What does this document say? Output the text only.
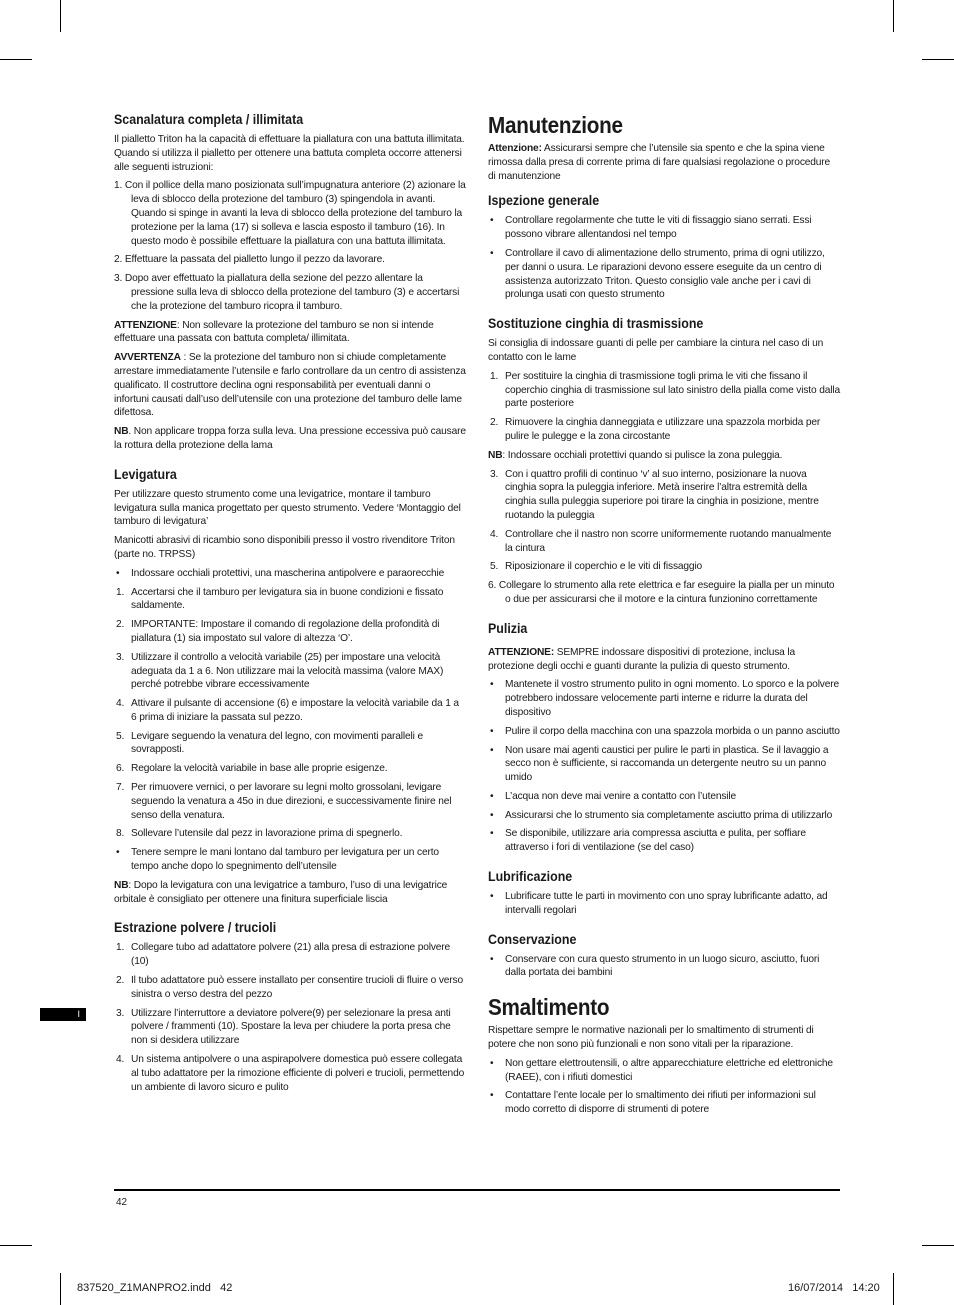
Scanalatura completa / illimitata

Il pialletto Triton ha la capacità di effettuare la piallatura con una battuta illimitata. Quando si utilizza il pialletto per ottenere una battuta completa occorre attenersi alle seguenti istruzioni:

1. Con il pollice della mano posizionata sull’impugnatura anteriore (2) azionare la leva di sblocco della protezione del tamburo (3) spingendola in avanti. Quando si spinge in avanti la leva di sblocco della protezione del tamburo la protezione per la lama (17) si solleva e lascia esposto il tamburo (16). In questo modo è possibile effettuare la piallatura con una battuta illimitata.
2. Effettuare la passata del pialletto lungo il pezzo da lavorare.
3. Dopo aver effettuato la piallatura della sezione del pezzo allentare la pressione sulla leva di sblocco della protezione del tamburo (3) e accertarsi che la protezione del tamburo ricopra il tamburo.

ATTENZIONE: Non sollevare la protezione del tamburo se non si intende effettuare una passata con battuta completa/ illimitata.

AVVERTENZA : Se la protezione del tamburo non si chiude completamente arrestare immediatamente l’utensile e farlo controllare da un centro di assistenza qualificato. Il costruttore declina ogni responsabilità per eventuali danni o infortuni causati dall’uso dell’utensile con una protezione del tamburo delle lame difettosa.

NB. Non applicare troppa forza sulla leva. Una pressione eccessiva può causare la rottura della protezione della lama

Levigatura

Per utilizzare questo strumento come una levigatrice, montare il tamburo levigatura sulla manica progettato per questo strumento. Vedere ‘Montaggio del tamburo di levigatura’

Manicotti abrasivi di ricambio sono disponibili presso il vostro rivenditore Triton (parte no. TRPSS)

• Indossare occhiali protettivi, una mascherina antipolvere e paraorecchie
1. Accertarsi che il tamburo per levigatura sia in buone condizioni e fissato saldamente.
2. IMPORTANTE: Impostare il comando di regolazione della profondità di piallatura (1) sia impostato sul valore di altezza ‘O’.
3. Utilizzare il controllo a velocità variabile (25) per impostare una velocità adeguata da 1 a 6. Non utilizzare mai la velocità massima (valore MAX) perché potrebbe vibrare eccessivamente
4. Attivare il pulsante di accensione (6) e impostare la velocità variabile da 1 a 6 prima di iniziare la passata sul pezzo.
5. Levigare seguendo la venatura del legno, con movimenti paralleli e sovrapposti.
6. Regolare la velocità variabile in base alle proprie esigenze.
7. Per rimuovere vernici, o per lavorare su legni molto grossolani, levigare seguendo la venatura a 45o in due direzioni, e successivamente finire nel senso della venatura.
8. Sollevare l’utensile dal pezz in lavorazione prima di spegnerlo.
• Tenere sempre le mani lontano dal tamburo per levigatura per un certo tempo anche dopo lo spegnimento dell’utensile

NB: Dopo la levigatura con una levigatrice a tamburo, l’uso di una levigatrice orbitale è consigliato per ottenere una finitura superficiale liscia

Estrazione polvere / trucioli
1. Collegare tubo ad adattatore polvere (21) alla presa di estrazione polvere (10)
2. Il tubo adattatore può essere installato per consentire trucioli di fluire o verso sinistra o verso destra del pezzo
3. Utilizzare l’interruttore a deviatore polvere(9) per selezionare la presa anti polvere / frammenti (10). Spostare la leva per chiudere la porta presa che non si desidera utilizzare
4. Un sistema antipolvere o una aspirapolvere domestica può essere collegata al tubo adattatore per la rimozione efficiente di polveri e trucioli, permettendo un ambiente di lavoro sicuro e pulito
Manutenzione

Attenzione: Assicurarsi sempre che l’utensile sia spento e che la spina viene rimossa dalla presa di corrente prima di fare qualsiasi regolazione o procedure di manutenzione

Ispezione generale
• Controllare regolarmente che tutte le viti di fissaggio siano serrati. Essi possono vibrare allentandosi nel tempo
• Controllare il cavo di alimentazione dello strumento, prima di ogni utilizzo, per danni o usura. Le riparazioni devono essere eseguite da un centro di assistenza autorizzato Triton. Questo consiglio vale anche per i cavi di prolunga usati con questo strumento
Sostituzione cinghia di trasmissione

Si consiglia di indossare guanti di pelle per cambiare la cintura nel caso di un contatto con le lame

1. Per sostituire la cinghia di trasmissione togli prima le viti che fissano il coperchio cinghia di trasmissione sul lato sinistro della pialla come visto dalla parte posteriore
2. Rimuovere la cinghia danneggiata e utilizzare una spazzola morbida per pulire le pulegge e la zona circostante

NB: Indossare occhiali protettivi quando si pulisce la zona puleggia.

3. Con i quattro profili di continuo ‘v’ al suo interno, posizionare la nuova cinghia sopra la puleggia inferiore. Metà inserire l’altra estremità della cinghia sulla puleggia superiore poi tirare la cinghia in posizione, mentre ruotando la puleggia
4. Controllare che il nastro non scorre uniformemente ruotando manualmente la cintura
5. Riposizionare il coperchio e le viti di fissaggio
6. Collegare lo strumento alla rete elettrica e far eseguire la pialla per un minuto o due per assicurarsi che il motore e la cintura funzionino correttamente
Pulizia

ATTENZIONE: SEMPRE indossare dispositivi di protezione, inclusa la protezione degli occhi e guanti durante la pulizia di questo strumento.

• Mantenete il vostro strumento pulito in ogni momento. Lo sporco e la polvere potrebbero indossare velocemente parti interne e ridurre la durata del dispositivo
• Pulire il corpo della macchina con una spazzola morbida o un panno asciutto
• Non usare mai agenti caustici per pulire le parti in plastica. Se il lavaggio a secco non è sufficiente, si raccomanda un detergente neutro su un panno umido
• L’acqua non deve mai venire a contatto con l’utensile
• Assicurarsi che lo strumento sia completamente asciutto prima di utilizzarlo
• Se disponibile, utilizzare aria compressa asciutta e pulita, per soffiare attraverso i fori di ventilazione (se del caso)
Lubrificazione
• Lubrificare tutte le parti in movimento con uno spray lubrificante adatto, ad intervalli regolari
Conservazione
• Conservare con cura questo strumento in un luogo sicuro, asciutto, fuori dalla portata dei bambini
Smaltimento

Rispettare sempre le normative nazionali per lo smaltimento di strumenti di potere che non sono più funzionali e non sono vitali per la riparazione.

• Non gettare elettroutensili, o altre apparecchiature elettriche ed elettroniche (RAEE), con i rifiuti domestici
• Contattare l’ente locale per lo smaltimento dei rifiuti per informazioni sul modo corretto di disporre di strumenti di potere
I
42
837520_Z1MANPRO2.indd   42	16/07/2014   14:20
